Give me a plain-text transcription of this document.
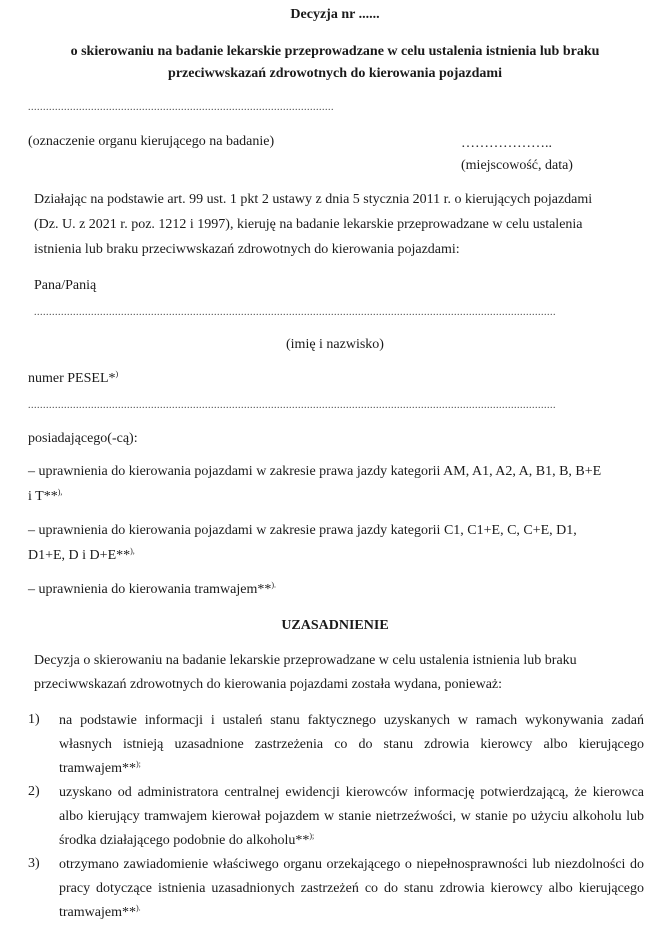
Decyzja nr ......
o skierowaniu na badanie lekarskie przeprowadzane w celu ustalenia istnienia lub braku
przeciwwskazań zdrowotnych do kierowania pojazdami
......................................................................................................
(oznaczenie organu kierującego na badanie)	………………..
(miejscowość, data)
Działając na podstawie art. 99 ust. 1 pkt 2 ustawy z dnia 5 stycznia 2011 r. o kierujących pojazdami
(Dz. U. z 2021 r. poz. 1212 i 1997), kieruję na badanie lekarskie przeprowadzane w celu ustalenia
istnienia lub braku przeciwwskazań zdrowotnych do kierowania pojazdami:
Pana/Panią
..............................................................................................................................................................................
(imię i nazwisko)
numer PESEL*)
................................................................................................................................................................................
posiadającego(-cą):
– uprawnienia do kierowania pojazdami w zakresie prawa jazdy kategorii AM, A1, A2, A, B1, B, B+E
i T**),
– uprawnienia do kierowania pojazdami w zakresie prawa jazdy kategorii C1, C1+E, C, C+E, D1,
D1+E, D i D+E**),
– uprawnienia do kierowania tramwajem**).
UZASADNIENIE
Decyzja o skierowaniu na badanie lekarskie przeprowadzane w celu ustalenia istnienia lub braku
przeciwwskazań zdrowotnych do kierowania pojazdami została wydana, ponieważ:
1)	na podstawie informacji i ustaleń stanu faktycznego uzyskanych w ramach wykonywania zadań własnych istnieją uzasadnione zastrzeżenia co do stanu zdrowia kierowcy albo kierującego tramwajem**);
2)	uzyskano od administratora centralnej ewidencji kierowców informację potwierdzającą, że kierowca albo kierujący tramwajem kierował pojazdem w stanie nietrzeźwości, w stanie po użyciu alkoholu lub środka działającego podobnie do alkoholu**);
3)	otrzymano zawiadomienie właściwego organu orzekającego o niepełnosprawności lub niezdolności do pracy dotyczące istnienia uzasadnionych zastrzeżeń co do stanu zdrowia kierowcy albo kierującego tramwajem**).
